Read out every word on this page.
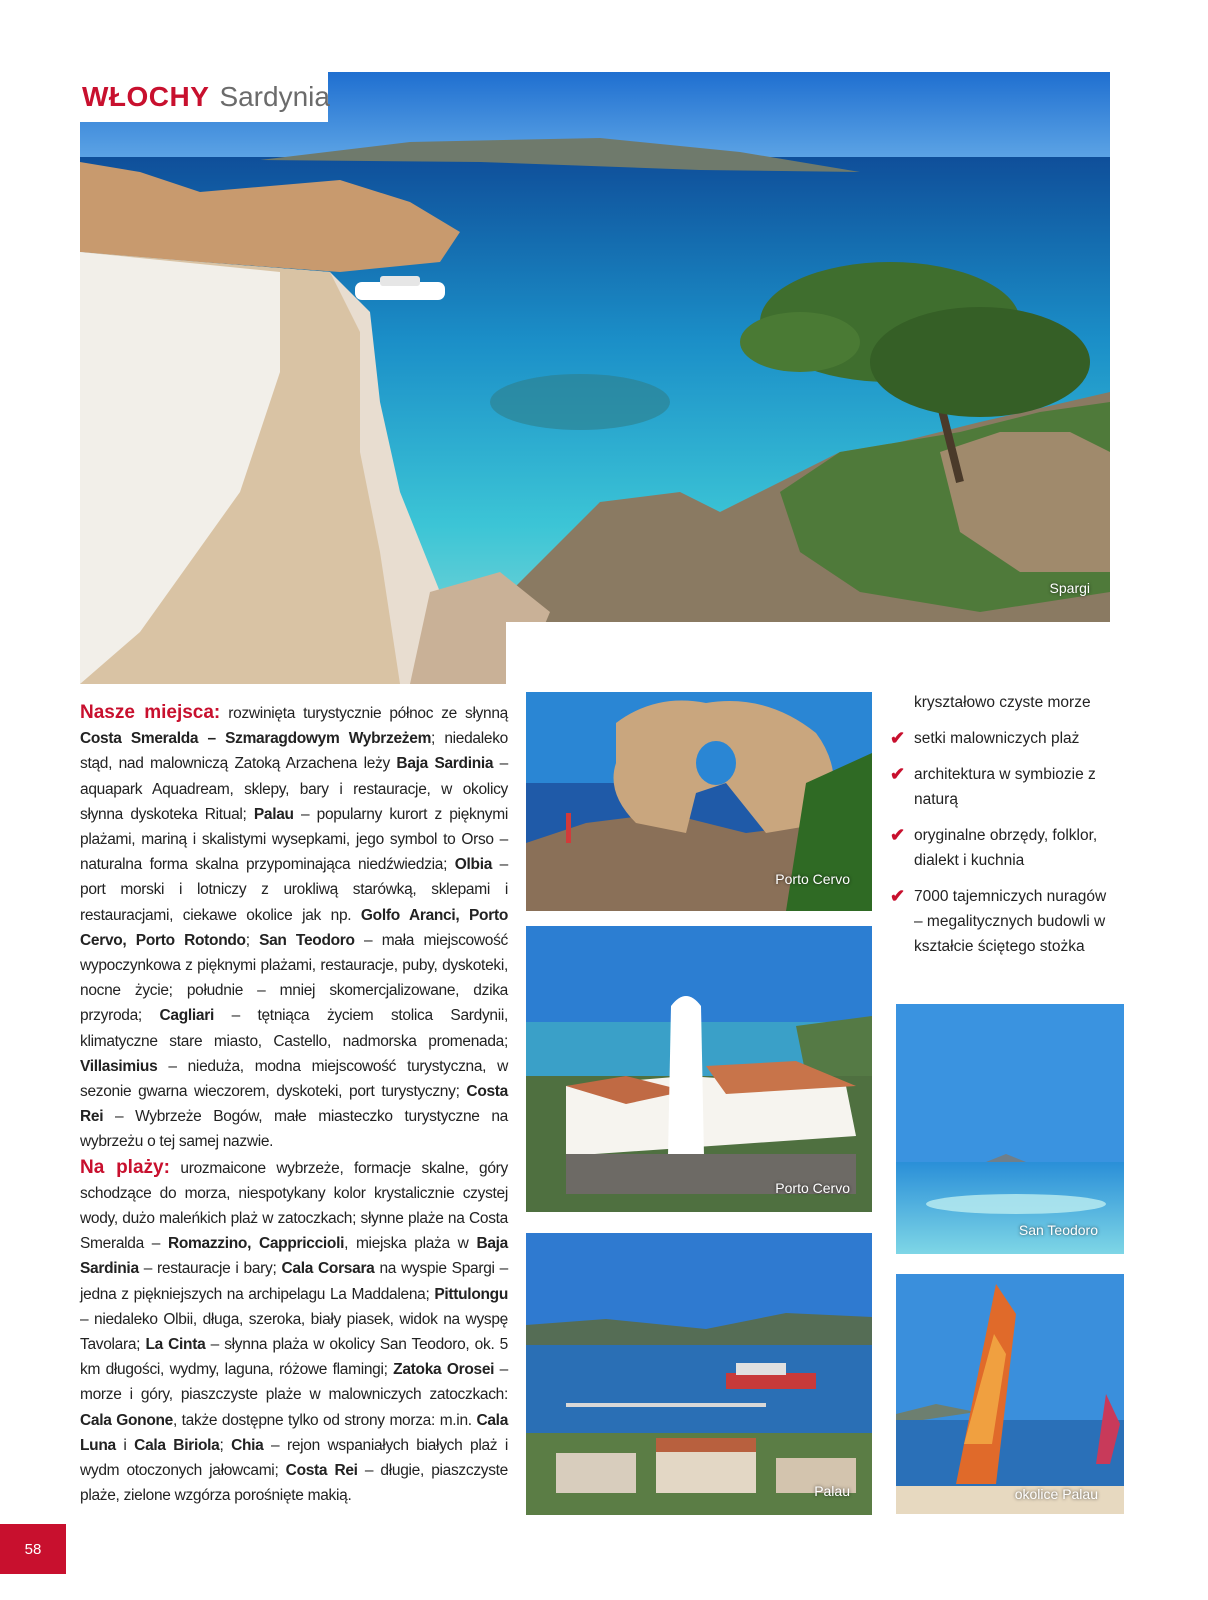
WŁOCHY Sardynia
Spargi
Porto Cervo
Porto Cervo
Palau
San Teodoro
okolice Palau
kryształowo czyste morze
✔ setki malowniczych plaż
✔ architektura w symbiozie z naturą
✔ oryginalne obrzędy, folklor, dialekt i kuchnia
✔ 7000 tajemniczych nuragów – megalitycznych budowli w kształcie ściętego stożka

Nasze miejsca: rozwinięta turystycznie północ ze słynną Costa Smeralda – Szmaragdowym Wybrzeżem; niedaleko stąd, nad malowniczą Zatoką Arzachena leży Baja Sardinia – aquapark Aquadream, sklepy, bary i restauracje, w okolicy słynna dyskoteka Ritual; Palau – popularny kurort z pięknymi plażami, mariną i skalistymi wysepkami, jego symbol to Orso – naturalna forma skalna przypominająca niedźwiedzia; Olbia – port morski i lotniczy z urokliwą starówką, sklepami i restauracjami, ciekawe okolice jak np. Golfo Aranci, Porto Cervo, Porto Rotondo; San Teodoro – mała miejscowość wypoczynkowa z pięknymi plażami, restauracje, puby, dyskoteki, nocne życie; południe – mniej skomercjalizowane, dzika przyroda; Cagliari – tętniąca życiem stolica Sardynii, klimatyczne stare miasto, Castello, nadmorska promenada; Villasimius – nieduża, modna miejscowość turystyczna, w sezonie gwarna wieczorem, dyskoteki, port turystyczny; Costa Rei – Wybrzeże Bogów, małe miasteczko turystyczne na wybrzeżu o tej samej nazwie.

Na plaży: urozmaicone wybrzeże, formacje skalne, góry schodzące do morza, niespotykany kolor krystalicznie czystej wody, dużo maleńkich plaż w zatoczkach; słynne plaże na Costa Smeralda – Romazzino, Cappriccioli, miejska plaża w Baja Sardinia – restauracje i bary; Cala Corsara na wyspie Spargi – jedna z piękniejszych na archipelagu La Maddalena; Pittulongu – niedaleko Olbii, długa, szeroka, biały piasek, widok na wyspę Tavolara; La Cinta – słynna plaża w okolicy San Teodoro, ok. 5 km długości, wydmy, laguna, różowe flamingi; Zatoka Orosei – morze i góry, piaszczyste plaże w malowniczych zatoczkach: Cala Gonone, także dostępne tylko od strony morza: m.in. Cala Luna i Cala Biriola; Chia – rejon wspaniałych białych plaż i wydm otoczonych jałowcami; Costa Rei – długie, piaszczyste plaże, zielone wzgórza porośnięte makią.

58
